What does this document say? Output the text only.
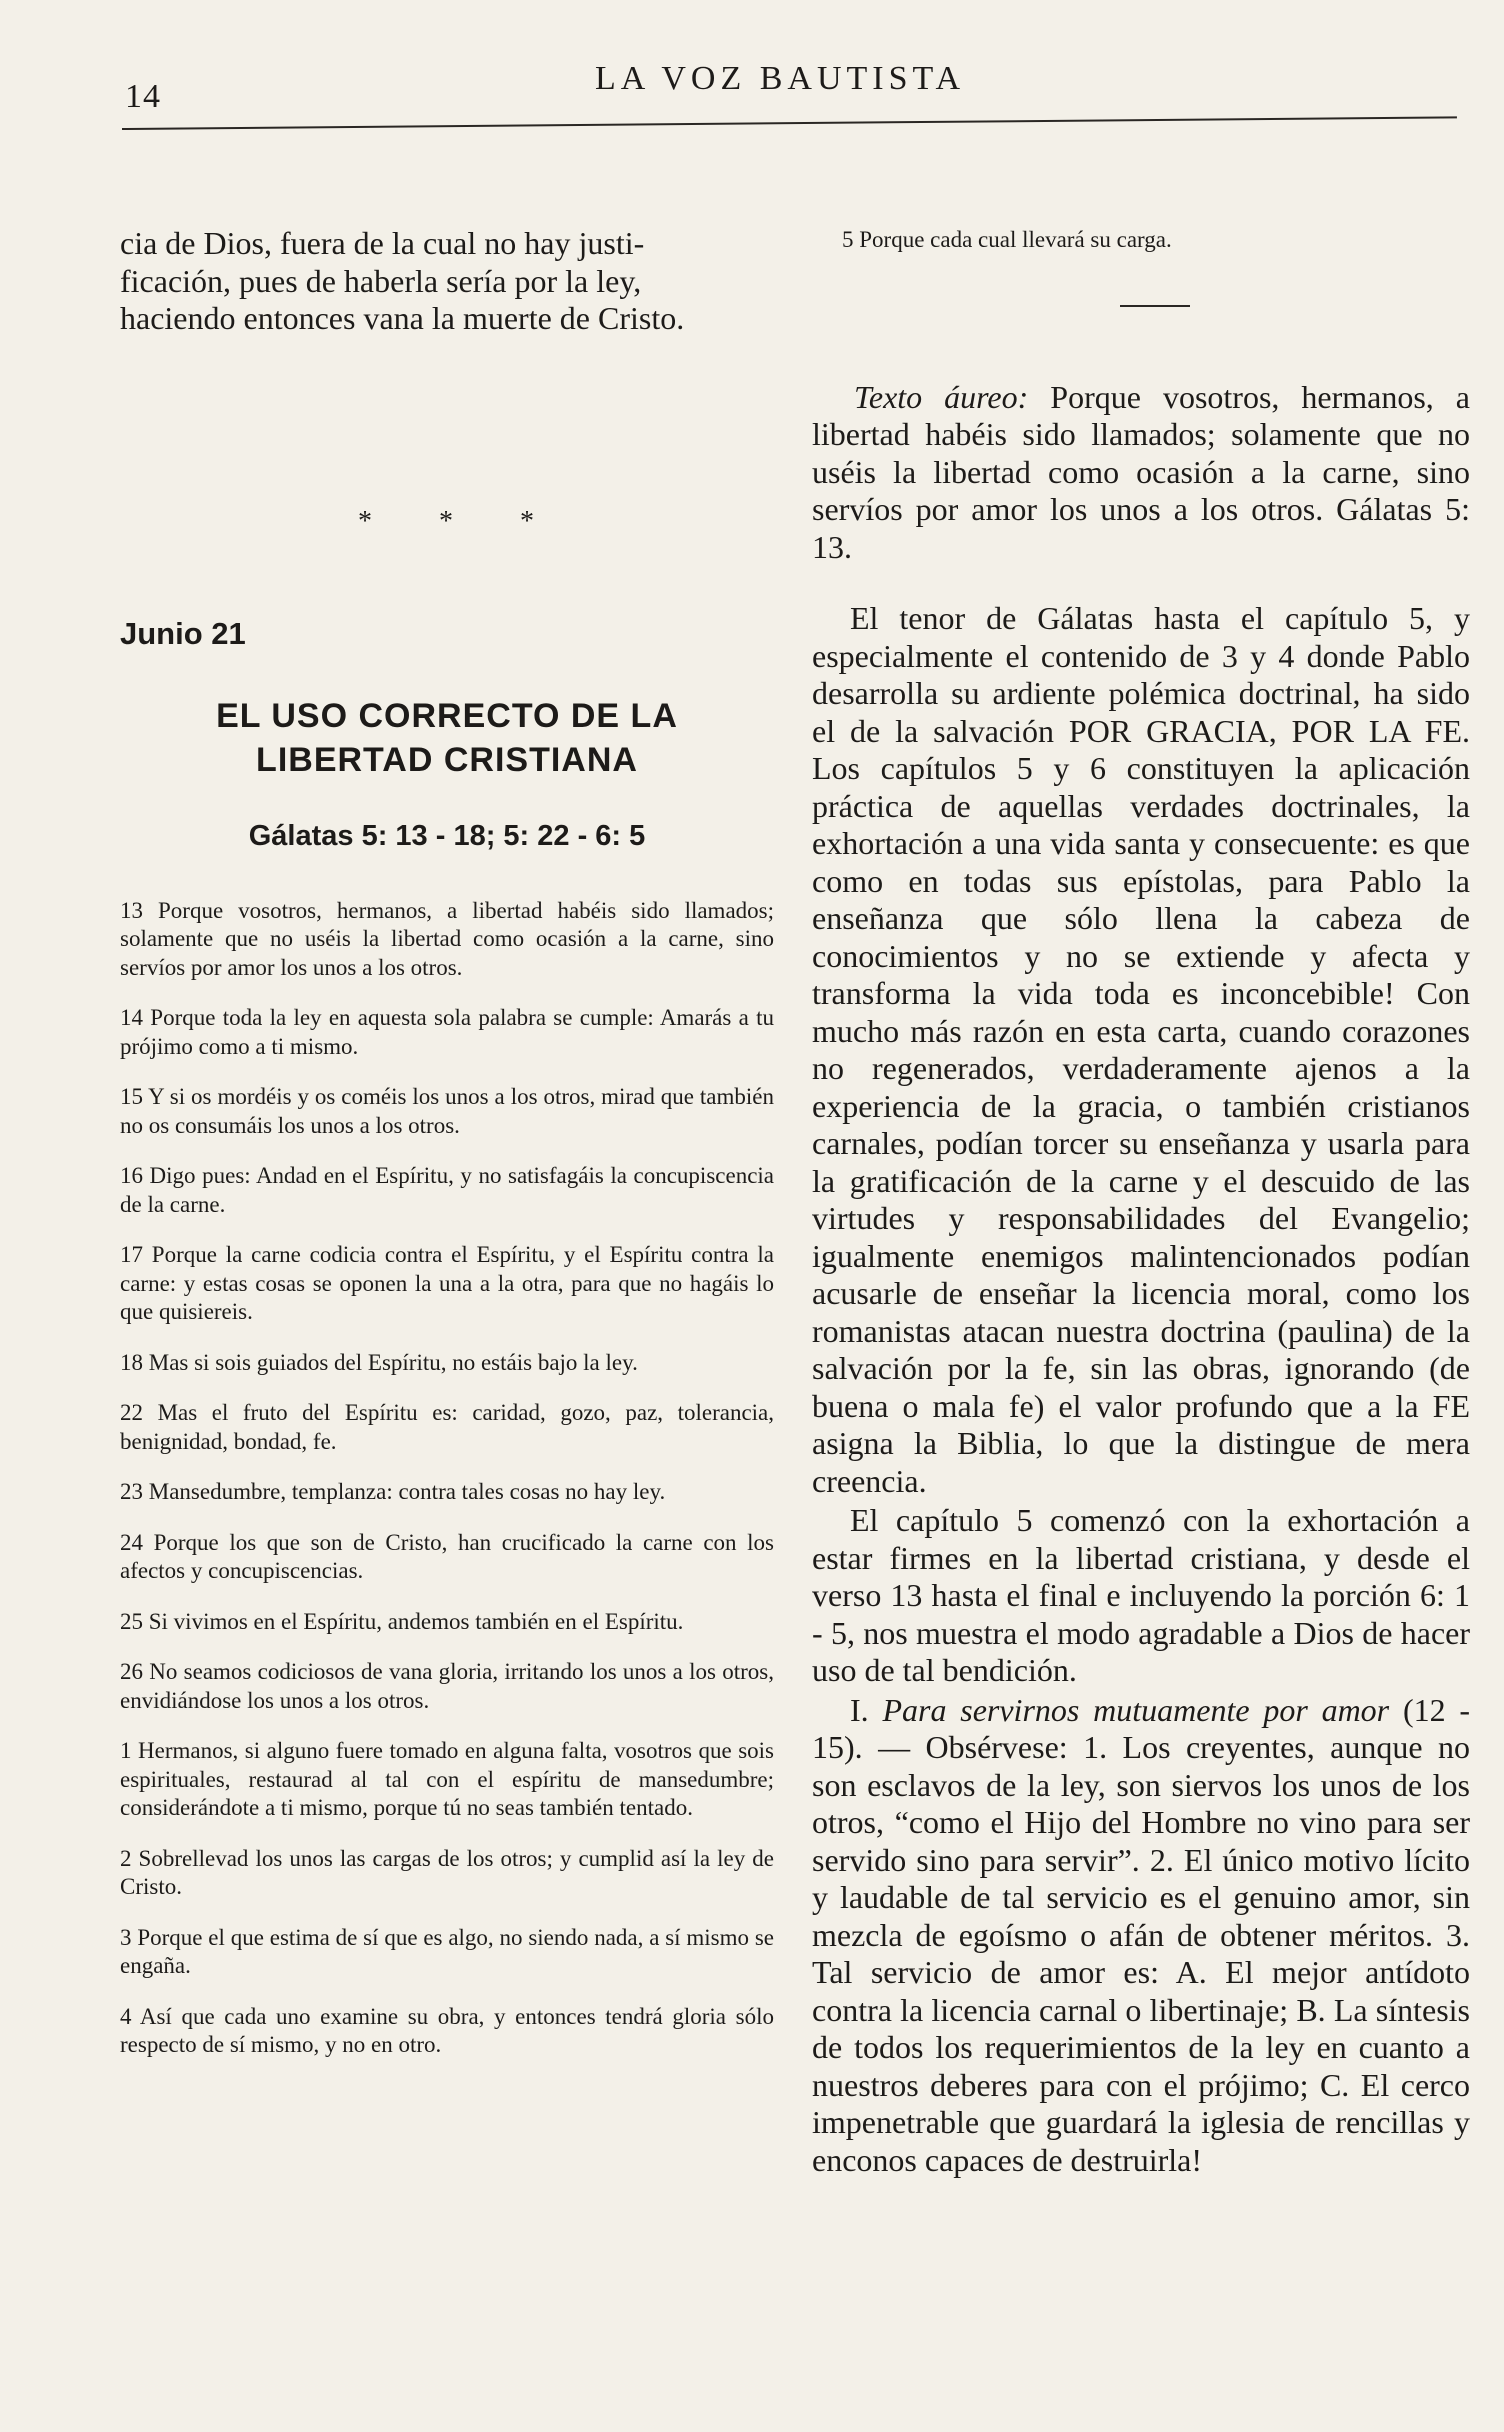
14	LA VOZ BAUTISTA

cia de Dios, fuera de la cual no hay justi-
ficación, pues de haberla sería por la ley,
haciendo entonces vana la muerte de Cristo.

* * *
Junio 21
EL USO CORRECTO DE LA
LIBERTAD CRISTIANA
Gálatas 5: 13 - 18; 5: 22 - 6: 5

13 Porque vosotros, hermanos, a libertad habéis sido llamados; solamente que no uséis la libertad como ocasión a la carne, sino servíos por amor los unos a los otros.

14 Porque toda la ley en aquesta sola palabra se cumple: Amarás a tu prójimo como a ti mismo.

15 Y si os mordéis y os coméis los unos a los otros, mirad que también no os consumáis los unos a los otros.

16 Digo pues: Andad en el Espíritu, y no satisfagáis la concupiscencia de la carne.

17 Porque la carne codicia contra el Espíritu, y el Espíritu contra la carne: y estas cosas se oponen la una a la otra, para que no hagáis lo que quisiereis.

18 Mas si sois guiados del Espíritu, no estáis bajo la ley.

22 Mas el fruto del Espíritu es: caridad, gozo, paz, tolerancia, benignidad, bondad, fe.

23 Mansedumbre, templanza: contra tales cosas no hay ley.

24 Porque los que son de Cristo, han crucificado la carne con los afectos y concupiscencias.

25 Si vivimos en el Espíritu, andemos también en el Espíritu.

26 No seamos codiciosos de vana gloria, irritando los unos a los otros, envidiándose los unos a los otros.

1 Hermanos, si alguno fuere tomado en alguna falta, vosotros que sois espirituales, restaurad al tal con el espíritu de mansedumbre; considerándote a ti mismo, porque tú no seas también tentado.

2 Sobrellevad los unos las cargas de los otros; y cumplid así la ley de Cristo.

3 Porque el que estima de sí que es algo, no siendo nada, a sí mismo se engaña.

4 Así que cada uno examine su obra, y entonces tendrá gloria sólo respecto de sí mismo, y no en otro.

5 Porque cada cual llevará su carga.

Texto áureo: Porque vosotros, hermanos, a libertad habéis sido llamados; solamente que no uséis la libertad como ocasión a la carne, sino servíos por amor los unos a los otros. Gálatas 5: 13.

El tenor de Gálatas hasta el capítulo 5, y especialmente el contenido de 3 y 4 donde Pablo desarrolla su ardiente polémica doctrinal, ha sido el de la salvación POR GRACIA, POR LA FE. Los capítulos 5 y 6 constituyen la aplicación práctica de aquellas verdades doctrinales, la exhortación a una vida santa y consecuente: es que como en todas sus epístolas, para Pablo la enseñanza que sólo llena la cabeza de conocimientos y no se extiende y afecta y transforma la vida toda es inconcebible! Con mucho más razón en esta carta, cuando corazones no regenerados, verdaderamente ajenos a la experiencia de la gracia, o también cristianos carnales, podían torcer su enseñanza y usarla para la gratificación de la carne y el descuido de las virtudes y responsabilidades del Evangelio; igualmente enemigos malintencionados podían acusarle de enseñar la licencia moral, como los romanistas atacan nuestra doctrina (paulina) de la salvación por la fe, sin las obras, ignorando (de buena o mala fe) el valor profundo que a la FE asigna la Biblia, lo que la distingue de mera creencia.

El capítulo 5 comenzó con la exhortación a estar firmes en la libertad cristiana, y desde el verso 13 hasta el final e incluyendo la porción 6: 1 - 5, nos muestra el modo agradable a Dios de hacer uso de tal bendición.

I. Para servirnos mutuamente por amor (12 - 15). — Obsérvese: 1. Los creyentes, aunque no son esclavos de la ley, son siervos los unos de los otros, “como el Hijo del Hombre no vino para ser servido sino para servir”. 2. El único motivo lícito y laudable de tal servicio es el genuino amor, sin mezcla de egoísmo o afán de obtener méritos. 3. Tal servicio de amor es: A. El mejor antídoto contra la licencia carnal o libertinaje; B. La síntesis de todos los requerimientos de la ley en cuanto a nuestros deberes para con el prójimo; C. El cerco impenetrable que guardará la iglesia de rencillas y enconos capaces de destruirla!
